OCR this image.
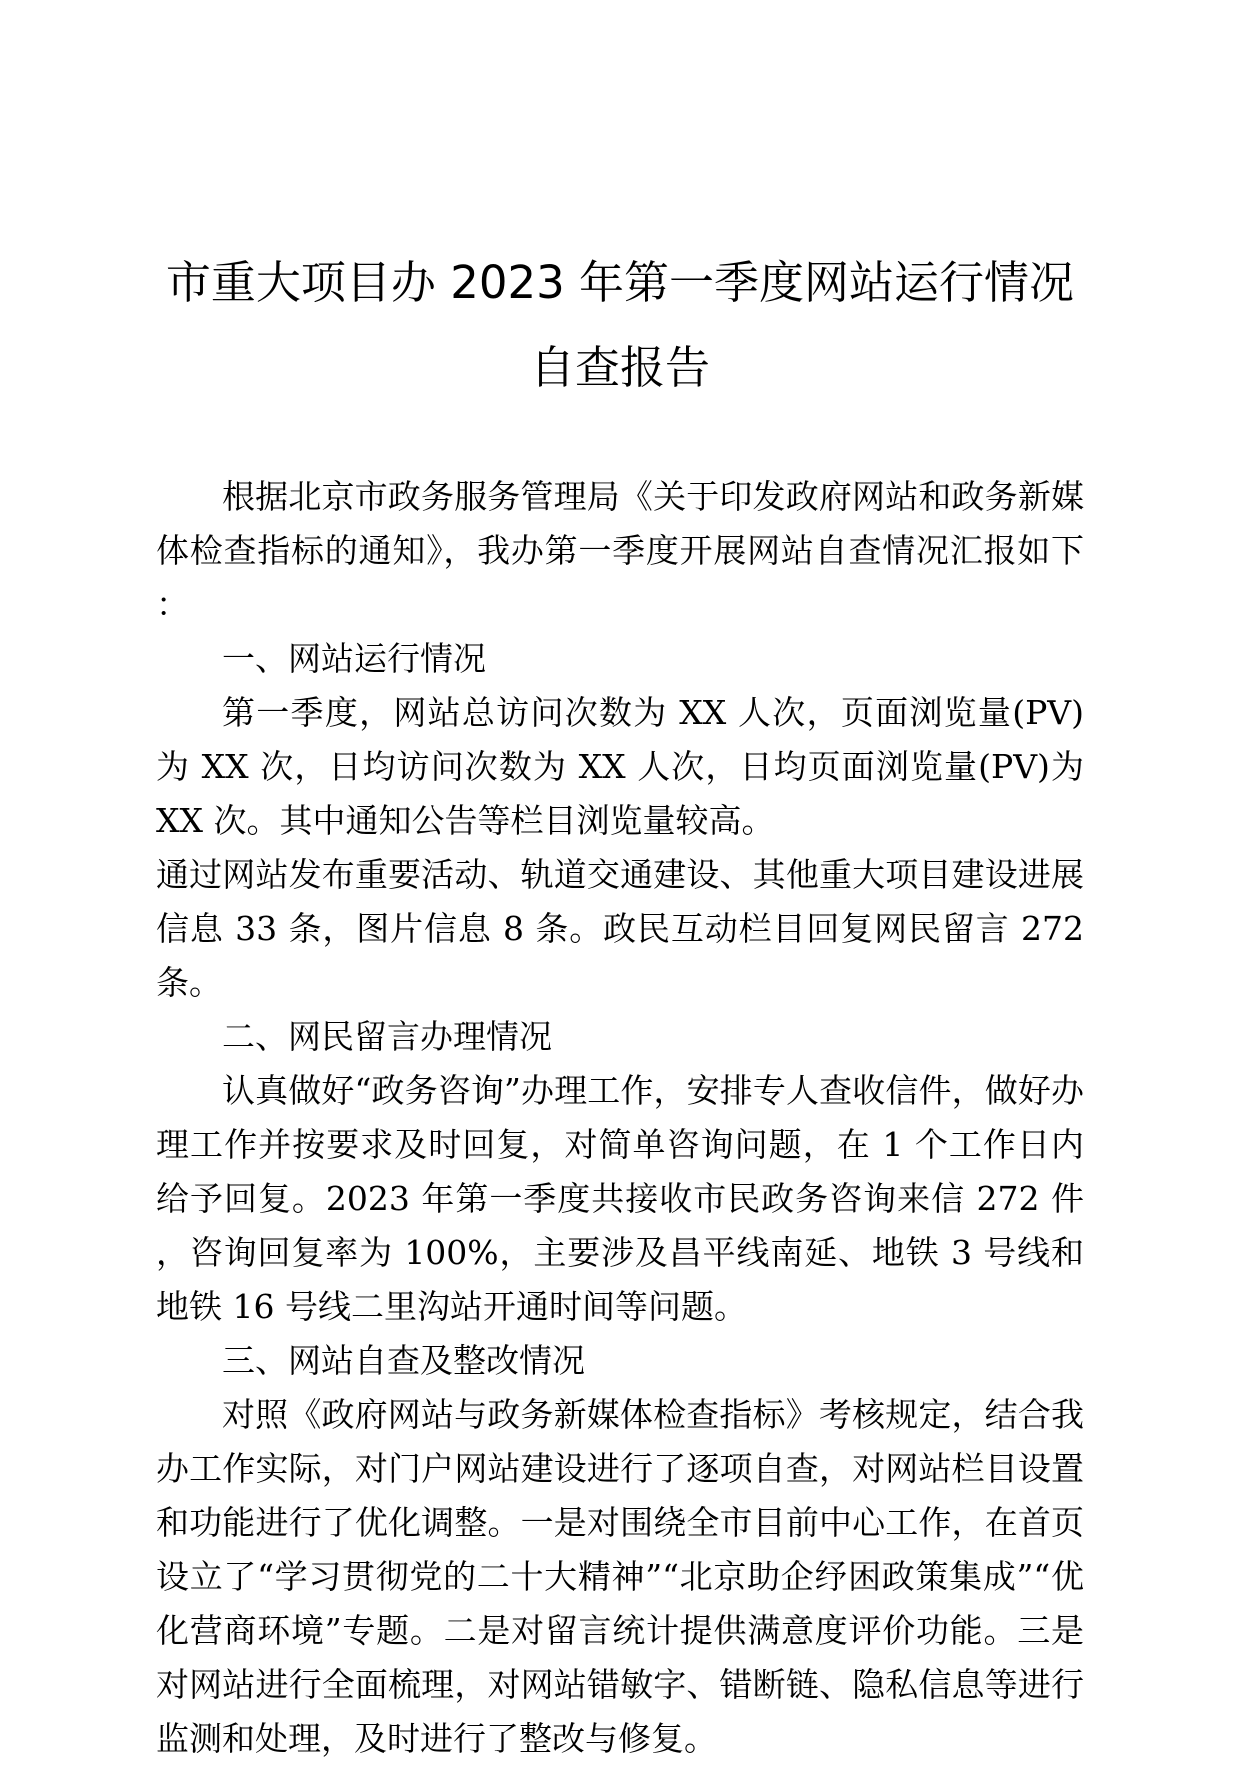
市重大项目办 2023 年第一季度网站运行情况
自查报告

根据北京市政务服务管理局《关于印发政府网站和政务新媒体检查指标的通知》，我办第一季度开展网站自查情况汇报如下：

一、网站运行情况

第一季度，网站总访问次数为 XX 人次，页面浏览量(PV)为 XX 次，日均访问次数为 XX 人次，日均页面浏览量(PV)为 XX 次。其中通知公告等栏目浏览量较高。

通过网站发布重要活动、轨道交通建设、其他重大项目建设进展信息 33 条，图片信息 8 条。政民互动栏目回复网民留言 272 条。

二、网民留言办理情况

认真做好“政务咨询”办理工作，安排专人查收信件，做好办理工作并按要求及时回复，对简单咨询问题，在 1 个工作日内给予回复。2023 年第一季度共接收市民政务咨询来信 272 件，咨询回复率为 100%，主要涉及昌平线南延、地铁 3 号线和地铁 16 号线二里沟站开通时间等问题。

三、网站自查及整改情况

对照《政府网站与政务新媒体检查指标》考核规定，结合我办工作实际，对门户网站建设进行了逐项自查，对网站栏目设置和功能进行了优化调整。一是对围绕全市目前中心工作，在首页设立了“学习贯彻党的二十大精神”“北京助企纾困政策集成”“优化营商环境”专题。二是对留言统计提供满意度评价功能。三是对网站进行全面梳理，对网站错敏字、错断链、隐私信息等进行监测和处理，及时进行了整改与修复。
